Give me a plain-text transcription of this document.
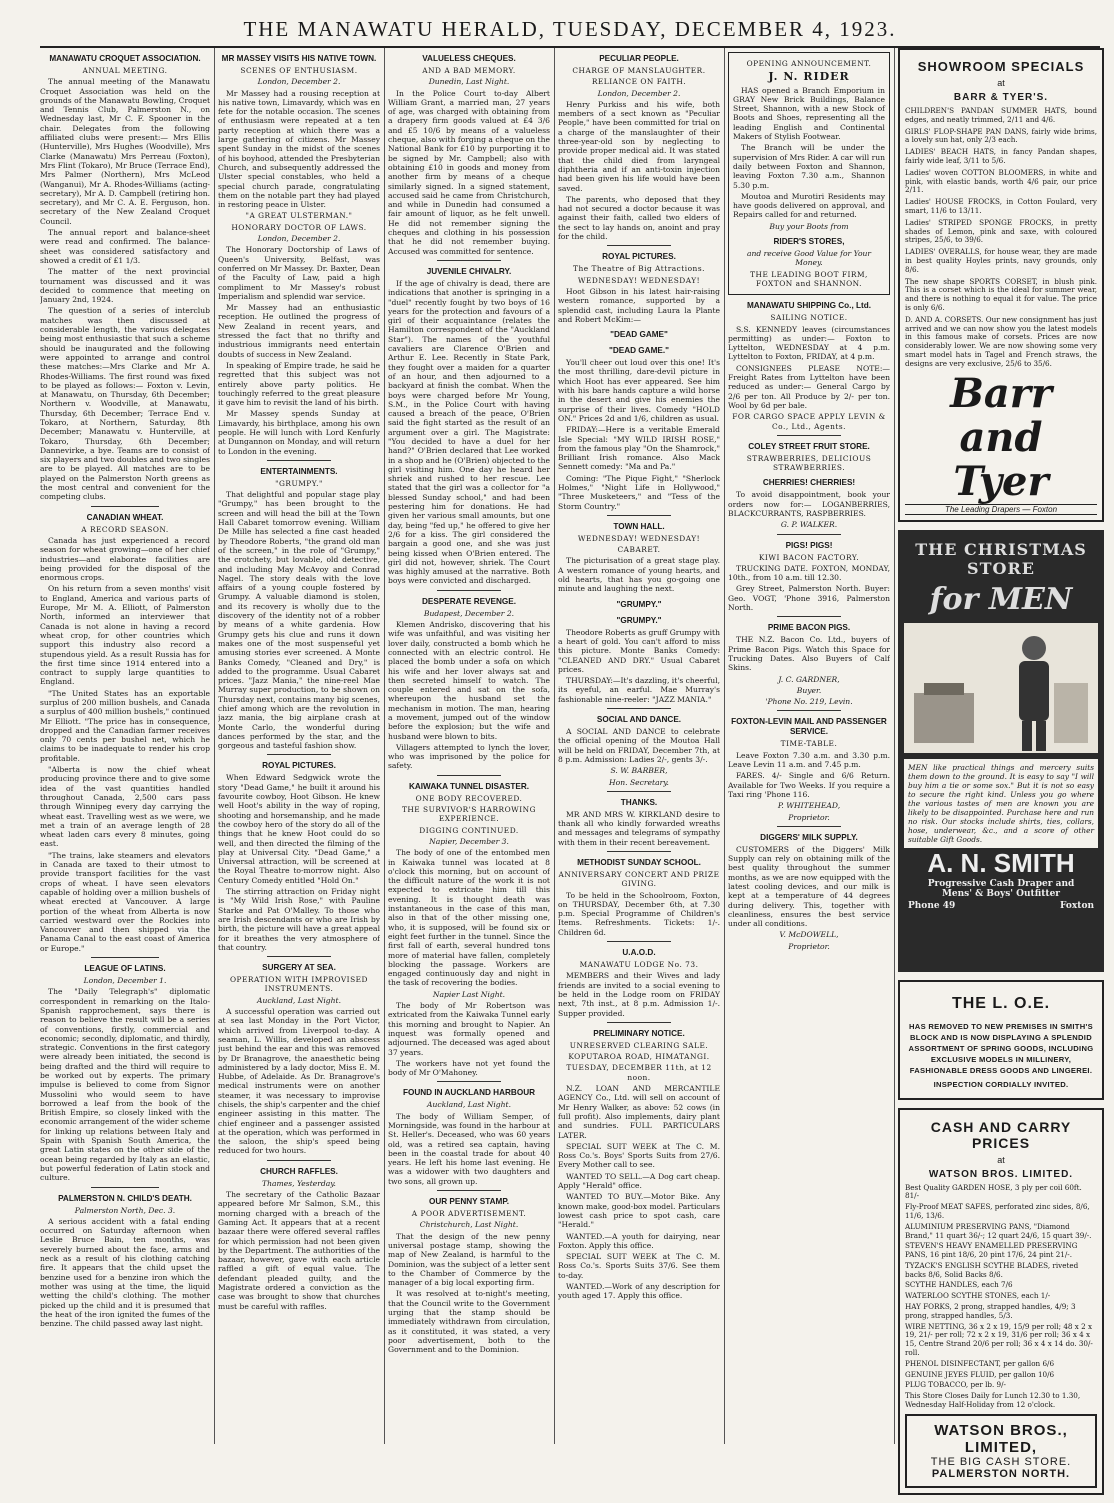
THE MANAWATU HERALD, TUESDAY, DECEMBER 4, 1923.
MANAWATU CROQUET ASSOCIATION.
ANNUAL MEETING.

The annual meeting of the Manawatu Croquet Association was held on the grounds of the Manawatu Bowling, Croquet and Tennis Club, Palmerston N., on Wednesday last, Mr C. F. Spooner in the chair. Delegates from the following affiliated clubs were present:— Mrs Ellis (Hunterville), Mrs Hughes (Woodville), Mrs Clarke (Manawatu) Mrs Perreau (Foxton), Mrs Flint (Tokaro), Mr Bruce (Terrace End), Mrs Palmer (Northern), Mrs McLeod (Wanganui), Mr A. Rhodes-Williams (acting-secretary), Mr A. D. Campbell (retiring hon. secretary), and Mr C. A. E. Ferguson, hon. secretary of the New Zealand Croquet Council.

The annual report and balance-sheet were read and confirmed. The balance-sheet was considered satisfactory and showed a credit of £1 1/3.

The matter of the next provincial tournament was discussed and it was decided to commence that meeting on January 2nd, 1924.

The question of a series of interclub matches was then discussed at considerable length, the various delegates being most enthusiastic that such a scheme should be inaugurated and the following were appointed to arrange and control these matches:—Mrs Clarke and Mr A. Rhodes-Williams. The first round was fixed to be played as follows:— Foxton v. Levin, at Manawatu, on Thursday, 6th December; Northern v. Woodville, at Manawatu, Thursday, 6th December; Terrace End v. Tokaro, at Northern, Saturday, 8th December; Manawatu v. Hunterville, at Tokaro, Thursday, 6th December; Dannevirke, a bye. Teams are to consist of six players and two doubles and two singles are to be played. All matches are to be played on the Palmerston North greens as the most central and convenient for the competing clubs.

CANADIAN WHEAT.
A RECORD SEASON.

Canada has just experienced a record season for wheat growing—one of her chief industries—and elaborate facilities are being provided for the disposal of the enormous crops.

On his return from a seven months' visit to England, America and various parts of Europe, Mr M. A. Elliott, of Palmerston North, informed an interviewer that Canada is not alone in having a record wheat crop, for other countries which support this industry also record a stupendous yield. As a result Russia has for the first time since 1914 entered into a contract to supply large quantities to England.

"The United States has an exportable surplus of 200 million bushels, and Canada a surplus of 400 million bushels," continued Mr Elliott. "The price has in consequence, dropped and the Canadian farmer receives only 70 cents per bushel net, which he claims to be inadequate to render his crop profitable.

"Alberta is now the chief wheat producing province there and to give some idea of the vast quantities handled throughout Canada, 2,500 cars pass through Winnipeg every day carrying the wheat east. Travelling west as we were, we met a train of an average length of 28 wheat laden cars every 8 minutes, going east.

"The trains, lake steamers and elevators in Canada are taxed to their utmost to provide transport facilities for the vast crops of wheat. I have seen elevators capable of holding over a million bushels of wheat erected at Vancouver. A large portion of the wheat from Alberta is now carried westward over the Rockies into Vancouver and then shipped via the Panama Canal to the east coast of America or Europe."

LEAGUE OF LATINS.
London, December 1.

The "Daily Telegraph's" diplomatic correspondent in remarking on the Italo-Spanish rapprochement, says there is reason to believe the result will be a series of conventions, firstly, commercial and economic; secondly, diplomatic, and thirdly, strategic. Conventions in the first category were already been initiated, the second is being drafted and the third will require to be worked out by experts. The primary impulse is believed to come from Signor Mussolini who would seem to have borrowed a leaf from the book of the British Empire, so closely linked with the economic arrangement of the wider scheme for linking up relations between Italy and Spain with Spanish South America, the great Latin states on the other side of the ocean being regarded by Italy as an elastic, but powerful federation of Latin stock and culture.

PALMERSTON N. CHILD'S DEATH.
Palmerston North, Dec. 3.

A serious accident with a fatal ending occurred on Saturday afternoon when Leslie Bruce Bain, ten months, was severely burned about the face, arms and neck as a result of his clothing catching fire. It appears that the child upset the benzine used for a benzine iron which the mother was using at the time, the liquid wetting the child's clothing. The mother picked up the child and it is presumed that the heat of the iron ignited the fumes of the benzine. The child passed away last night.

MR MASSEY VISITS HIS NATIVE TOWN.
SCENES OF ENTHUSIASM.
London, December 2.

Mr Massey had a rousing reception at his native town, Limavardy, which was en fete for the notable occasion. The scenes of enthusiasm were repeated at a ten party reception at which there was a large gathering of citizens. Mr Massey spent Sunday in the midst of the scenes of his boyhood, attended the Presbyterian Church, and subsequently addressed the Ulster special constables, who held a special church parade, congratulating them on the notable part they had played in restoring peace in Ulster.

"A GREAT ULSTERMAN."
HONORARY DOCTOR OF LAWS.
London, December 2.

The Honorary Doctorship of Laws of Queen's University, Belfast, was conferred on Mr Massey. Dr. Baxter, Dean of the Faculty of Law, paid a high compliment to Mr Massey's robust Imperialism and splendid war service.

Mr Massey had an enthusiastic reception. He outlined the progress of New Zealand in recent years, and stressed the fact that no thrifty and industrious immigrants need entertain doubts of success in New Zealand.

In speaking of Empire trade, he said he regretted that this subject was not entirely above party politics. He touchingly referred to the great pleasure it gave him to revisit the land of his birth.

Mr Massey spends Sunday at Limavardy, his birthplace, among his own people. He will lunch with Lord Kenfurly at Dungannon on Monday, and will return to London in the evening.

ENTERTAINMENTS.
"GRUMPY."

That delightful and popular stage play "Grumpy," has been brought to the screen and will head the bill at the Town Hall Cabaret tomorrow evening. William De Mille has selected a fine cast headed by Theodore Roberts, "the grand old man of the screen," in the role of "Grumpy," the crotchety, but lovable, old detective, and including May McAvoy and Conrad Nagel. The story deals with the love affairs of a young couple fostered by Grumpy. A valuable diamond is stolen, and its recovery is wholly due to the discovery of the identity not of a robber by means of a white gardenia. How Grumpy gets his clue and runs it down makes one of the most suspenseful yet amusing stories ever screened. A Monte Banks Comedy, "Cleaned and Dry," is added to the programme. Usual Cabaret prices. "Jazz Mania," the nine-reel Mae Murray super production, to be shown on Thursday next, contains many big scenes, chief among which are the revolution in jazz mania, the big airplane crash at Monte Carlo, the wonderful during dances performed by the star, and the gorgeous and tasteful fashion show.

ROYAL PICTURES.

When Edward Sedgwick wrote the story "Dead Game," he built it around his favourite cowboy, Hoot Gibson. He knew well Hoot's ability in the way of roping, shooting and horsemanship, and he made the cowboy hero of the story do all of the things that he knew Hoot could do so well, and then directed the filming of the play at Universal City. "Dead Game," a Universal attraction, will be screened at the Royal Theatre to-morrow night. Also Century Comedy entitled "Hold On."

The stirring attraction on Friday night is "My Wild Irish Rose," with Pauline Starke and Pat O'Malley. To those who are Irish descendants or who are Irish by birth, the picture will have a great appeal for it breathes the very atmosphere of that country.

SURGERY AT SEA.
OPERATION WITH IMPROVISED INSTRUMENTS.
Auckland, Last Night.

A successful operation was carried out at sea last Monday in the Port Victor, which arrived from Liverpool to-day. A seaman, L. Willis, developed an abscess just behind the ear and this was removed by Dr Branagrove, the anaesthetic being administered by a lady doctor, Miss E. M. Hubbe, of Adelaide. As Dr. Branagrove's medical instruments were on another steamer, it was necessary to improvise chisels, the ship's carpenter and the chief engineer assisting in this matter. The chief engineer and a passenger assisted at the operation, which was performed in the saloon, the ship's speed being reduced for two hours.

CHURCH RAFFLES.
Thames, Yesterday.

The secretary of the Catholic Bazaar appeared before Mr Salmon, S.M., this morning charged with a breach of the Gaming Act. It appears that at a recent bazaar there were offered several raffles for which permission had not been given by the Department. The authorities of the bazaar, however, gave with each article raffled a gift of equal value. The defendant pleaded guilty, and the Magistrate ordered a conviction as the case was brought to show that churches must be careful with raffles.

VALUELESS CHEQUES.
AND A BAD MEMORY.
Dunedin, Last Night.

In the Police Court to-day Albert William Grant, a married man, 27 years of age, was charged with obtaining from a drapery firm goods valued at £4 3/6 and £5 10/6 by means of a valueless cheque, also with forging a cheque on the National Bank for £10 by purporting it to be signed by Mr. Campbell; also with obtaining £10 in goods and money from another firm by means of a cheque similarly signed. In a signed statement, accused said he came from Christchurch, and while in Dunedin had consumed a fair amount of liquor, as he felt unwell. He did not remember signing the cheques and clothing in his possession that he did not remember buying. Accused was committed for sentence.

JUVENILE CHIVALRY.

If the age of chivalry is dead, there are indications that another is springing in a "duel" recently fought by two boys of 16 years for the protection and favours of a girl of their acquaintance (relates the Hamilton correspondent of the "Auckland Star"). The names of the youthful cavaliers are Clarence O'Brien and Arthur E. Lee. Recently in State Park, they fought over a maiden for a quarter of an hour, and then adjourned to a backyard at finish the combat. When the boys were charged before Mr Young, S.M., in the Police Court with having caused a breach of the peace, O'Brien said the fight started as the result of an argument over a girl. The Magistrate: "You decided to have a duel for her hand?" O'Brien declared that Lee worked in a shop and he (O'Brien) objected to the girl visiting him. One day he heard her shriek and rushed to her rescue. Lee stated that the girl was a collector for "a blessed Sunday school," and had been pestering him for donations. He had given her various small amounts, but one day, being "fed up," he offered to give her 2/6 for a kiss. The girl considered the bargain a good one, and she was just being kissed when O'Brien entered. The girl did not, however, shriek. The Court was highly amused at the narrative. Both boys were convicted and discharged.

DESPERATE REVENGE.
Budapest, December 2.

Klemen Andrisko, discovering that his wife was unfaithful, and was visiting her lover daily, constructed a bomb which he connected with an electric control. He placed the bomb under a sofa on which his wife and her lover always sat and then secreted himself to watch. The couple entered and sat on the sofa, whereupon the husband set the mechanism in motion. The man, hearing a movement, jumped out of the window before the explosion; but the wife and husband were blown to bits.

Villagers attempted to lynch the lover, who was imprisoned by the police for safety.

KAIWAKA TUNNEL DISASTER.
ONE BODY RECOVERED.
THE SURVIVOR'S HARROWING EXPERIENCE.
DIGGING CONTINUED.
Napier, December 3.

The body of one of the entombed men in Kaiwaka tunnel was located at 8 o'clock this morning, but on account of the difficult nature of the work it is not expected to extricate him till this evening. It is thought death was instantaneous in the case of this man, also in that of the other missing one, who, it is supposed, will be found six or eight feet further in the tunnel. Since the first fall of earth, several hundred tons more of material have fallen, completely blocking the passage. Workers are engaged continuously day and night in the task of recovering the bodies.

Napier Last Night.

The body of Mr Robertson was extricated from the Kaiwaka Tunnel early this morning and brought to Napier. An inquest was formally opened and adjourned. The deceased was aged about 37 years.

The workers have not yet found the body of Mr O'Mahoney.

FOUND IN AUCKLAND HARBOUR
Auckland, Last Night.

The body of William Semper, of Morningside, was found in the harbour at St. Heller's. Deceased, who was 60 years old, was a retired sea captain, having been in the coastal trade for about 40 years. He left his home last evening. He was a widower with two daughters and two sons, all grown up.

OUR PENNY STAMP.
A POOR ADVERTISEMENT.
Christchurch, Last Night.

That the design of the new penny universal postage stamp, showing the map of New Zealand, is harmful to the Dominion, was the subject of a letter sent to the Chamber of Commerce by the manager of a big local exporting firm.

It was resolved at to-night's meeting, that the Council write to the Government urging that the stamp should be immediately withdrawn from circulation, as it constituted, it was stated, a very poor advertisement, both to the Government and to the Dominion.

PECULIAR PEOPLE.
CHARGE OF MANSLAUGHTER.
RELIANCE ON FAITH.
London, December 2.

Henry Purkiss and his wife, both members of a sect known as "Peculiar People," have been committed for trial on a charge of the manslaughter of their three-year-old son by neglecting to provide proper medical aid. It was stated that the child died from laryngeal diphtheria and if an anti-toxin injection had been given his life would have been saved.

The parents, who deposed that they had not secured a doctor because it was against their faith, called two elders of the sect to lay hands on, anoint and pray for the child.

ROYAL PICTURES.
The Theatre of Big Attractions.
WEDNESDAY! WEDNESDAY!

Hoot Gibson in his latest hair-raising western romance, supported by a splendid cast, including Laura la Plante and Robert McKim:—

"DEAD GAME"
"DEAD GAME."

You'll cheer out loud over this one! It's the most thrilling, dare-devil picture in which Hoot has ever appeared. See him with his bare hands capture a wild horse in the desert and give his enemies the surprise of their lives. Comedy "HOLD ON." Prices 2d and 1/6, children as usual.

FRIDAY:—Here is a veritable Emerald Isle Special: "MY WILD IRISH ROSE," from the famous play "On the Shamrock," Brilliant Irish romance. Also Mack Sennett comedy: "Ma and Pa."

Coming: "The Pique Fight," "Sherlock Holmes," "Night Life in Hollywood," "Three Musketeers," and "Tess of the Storm Country."

TOWN HALL.
WEDNESDAY! WEDNESDAY!
CABARET.

The picturisation of a great stage play. A western romance of young hearts, and old hearts, that has you go-going one minute and laughing the next.

"GRUMPY."
"GRUMPY."

Theodore Roberts as gruff Grumpy with a heart of gold. You can't afford to miss this picture. Monte Banks Comedy: "CLEANED AND DRY." Usual Cabaret prices.

THURSDAY:—It's dazzling, it's cheerful, its eyeful, an earful. Mae Murray's fashionable nine-reeler: "JAZZ MANIA."

SOCIAL AND DANCE.

A SOCIAL AND DANCE to celebrate the official opening of the Moutoa Hall will be held on FRIDAY, December 7th, at 8 p.m. Admission: Ladies 2/-, gents 3/-.

S. W. BARBER,
Hon. Secretary.
THANKS.

MR AND MRS W. KIRKLAND desire to thank all who kindly forwarded wreaths and messages and telegrams of sympathy with them in their recent bereavement.

METHODIST SUNDAY SCHOOL.
ANNIVERSARY CONCERT AND PRIZE GIVING.

To be held in the Schoolroom, Foxton, on THURSDAY, December 6th, at 7.30 p.m. Special Programme of Children's Items. Refreshments. Tickets: 1/-. Children 6d.

U.A.O.D.
MANAWATU LODGE No. 73.

MEMBERS and their Wives and lady friends are invited to a social evening to be held in the Lodge room on FRIDAY next, 7th inst., at 8 p.m. Admission 1/-. Supper provided.

PRELIMINARY NOTICE.
UNRESERVED CLEARING SALE.
KOPUTAROA ROAD, HIMATANGI.
TUESDAY, DECEMBER 11th, at 12 noon.

N.Z. LOAN AND MERCANTILE AGENCY Co., Ltd. will sell on account of Mr Henry Walker, as above: 52 cows (in full profit). Also implements, dairy plant and sundries. FULL PARTICULARS LATER.

SPECIAL SUIT WEEK at The C. M. Ross Co.'s. Boys' Sports Suits from 27/6. Every Mother call to see.

WANTED TO SELL.—A Dog cart cheap. Apply "Herald" office.

WANTED TO BUY.—Motor Bike. Any known make, good-box model. Particulars lowest cash price to spot cash, care "Herald."

WANTED.—A youth for dairying, near Foxton. Apply this office.

SPECIAL SUIT WEEK at The C. M. Ross Co.'s. Sports Suits 37/6. See them to-day.

WANTED.—Work of any description for youth aged 17. Apply this office.

OPENING ANNOUNCEMENT.
J. N. RIDER

HAS opened a Branch Emporium in GRAY New Brick Buildings, Balance Street, Shannon, with a new Stock of Boots and Shoes, representing all the leading English and Continental Makers of Stylish Footwear.

The Branch will be under the supervision of Mrs Rider. A car will run daily between Foxton and Shannon, leaving Foxton 7.30 a.m., Shannon 5.30 p.m.

Moutoa and Murotiri Residents may have goods delivered on approval, and Repairs called for and returned.

Buy your Boots from
RIDER'S STORES,
and receive Good Value for Your Money.
THE LEADING BOOT FIRM, FOXTON and SHANNON.
MANAWATU SHIPPING Co., Ltd.
SAILING NOTICE.

S.S. KENNEDY leaves (circumstances permitting) as under:— Foxton to Lyttelton, WEDNESDAY at 4 p.m. Lyttelton to Foxton, FRIDAY, at 4 p.m.

CONSIGNEES PLEASE NOTE:— Freight Rates from Lyttelton have been reduced as under:— General Cargo by 2/6 per ton. All Produce by 2/- per ton. Wool by 6d per bale.

FOR CARGO SPACE APPLY LEVIN & Co., Ltd., Agents.
COLEY STREET FRUIT STORE.
STRAWBERRIES, DELICIOUS STRAWBERRIES.
CHERRIES! CHERRIES!

To avoid disappointment, book your orders now for:— LOGANBERRIES, BLACKCURRANTS, RASPBERRIES.

G. P. WALKER.
PIGS! PIGS!
KIWI BACON FACTORY.

TRUCKING DATE. FOXTON, MONDAY, 10th., from 10 a.m. till 12.30.

Grey Street, Palmerston North. Buyer: Geo. VOGT, 'Phone 3916, Palmerston North.

PRIME BACON PIGS.

THE N.Z. Bacon Co. Ltd., buyers of Prime Bacon Pigs. Watch this Space for Trucking Dates. Also Buyers of Calf Skins.

J. C. GARDNER,
Buyer.
'Phone No. 219, Levin.
FOXTON-LEVIN MAIL AND PASSENGER SERVICE.
TIME-TABLE.

Leave Foxton 7.30 a.m. and 3.30 p.m. Leave Levin 11 a.m. and 7.45 p.m.

FARES. 4/- Single and 6/6 Return. Available for Two Weeks. If you require a Taxi ring 'Phone 116.

P. WHITEHEAD,
Proprietor.
DIGGERS' MILK SUPPLY.

CUSTOMERS of the Diggers' Milk Supply can rely on obtaining milk of the best quality throughout the summer months, as we are now equipped with the latest cooling devices, and our milk is kept at a temperature of 44 degrees during delivery. This, together with cleanliness, ensures the best service under all conditions.

V. McDOWELL,
Proprietor.
SHOWROOM SPECIALS
at
BARR & TYER'S.

CHILDREN'S PANDAN SUMMER HATS, bound edges, and neatly trimmed, 2/11 and 4/6.

GIRLS' FLOP-SHAPE PAN DANS, fairly wide brims, a lovely sun hat, only 2/3 each.

LADIES' BEACH HATS, in fancy Pandan shapes, fairly wide leaf, 3/11 to 5/6.

Ladies' woven COTTON BLOOMERS, in white and pink, with elastic bands, worth 4/6 pair, our price 2/11.

Ladies' HOUSE FROCKS, in Cotton Foulard, very smart, 11/6 to 13/11.

Ladies' STRIPED SPONGE FROCKS, in pretty shades of Lemon, pink and saxe, with coloured stripes, 25/6, to 39/6.

LADIES' OVERALLS, for house wear, they are made in best quality Hoyles prints, navy grounds, only 8/6.

The new shape SPORTS CORSET, in blush pink. This is a corset which is the ideal for summer wear, and there is nothing to equal it for value. The price is only 6/6.

D. AND A. CORSETS. Our new consignment has just arrived and we can now show you the latest models in this famous make of corsets. Prices are now considerably lower. We are now showing some very smart model hats in Tagel and French straws, the designs are very exclusive, 25/6 to 35/6.

Barr and Tyer
The Leading Drapers — Foxton
THE CHRISTMAS STORE
for MEN
MEN like practical things and mercery suits them down to the ground. It is easy to say "I will buy him a tie or some sox." But it is not so easy to secure the right kind. Unless you go where the various tastes of men are known you are likely to be disappointed. Purchase here and run no risk. Our stocks include shirts, ties, collars, hose, underwear, &c., and a score of other suitable Gift Goods.
A. N. SMITH
Progressive Cash Draper and
Mens' & Boys' Outfitter
Phone 49	Foxton
THE L. O.E.

HAS REMOVED TO NEW PREMISES IN SMITH'S BLOCK AND IS NOW DISPLAYING A SPLENDID ASSORTMENT OF SPRING GOODS, INCLUDING EXCLUSIVE MODELS IN MILLINERY, FASHIONABLE DRESS GOODS AND LINGEREI.

INSPECTION CORDIALLY INVITED.

CASH AND CARRY PRICES
at
WATSON BROS. LIMITED.
Best Quality GARDEN HOSE, 3 ply per coil 60ft. 81/-
Fly-Proof MEAT SAFES, perforated zinc sides, 8/6, 11/6, 13/6.
ALUMINIUM PRESERVING PANS, "Diamond Brand," 11 quart 36/-; 12 quart 24/6, 15 quart 39/-.
STEVEN'S HEAVY ENAMELLED PRESERVING PANS, 16 pint 18/6, 20 pint 17/6, 24 pint 21/-.
TYZACK'S ENGLISH SCYTHE BLADES, riveted backs 8/6, Solid Backs 8/6.
SCYTHE HANDLES, each 7/6
WATERLOO SCYTHE STONES, each 1/-
HAY FORKS, 2 prong, strapped handles, 4/9; 3 prong, strapped handles, 5/3.
WIRE NETTING, 36 x 2 x 19, 15/9 per roll; 48 x 2 x 19, 21/- per roll; 72 x 2 x 19, 31/6 per roll; 36 x 4 x 15, Centre Strand 20/6 per roll; 36 x 4 x 14 do. 30/- roll.
PHENOL DISINFECTANT, per gallon 6/6
GENUINE JEYES FLUID, per gallon 10/6
PLUG TOBACCO, per lb. 9/-
This Store Closes Daily for Lunch 12.30 to 1.30, Wednesday Half-Holiday from 12 o'clock.
WATSON BROS., LIMITED,
THE BIG CASH STORE.
PALMERSTON NORTH.
